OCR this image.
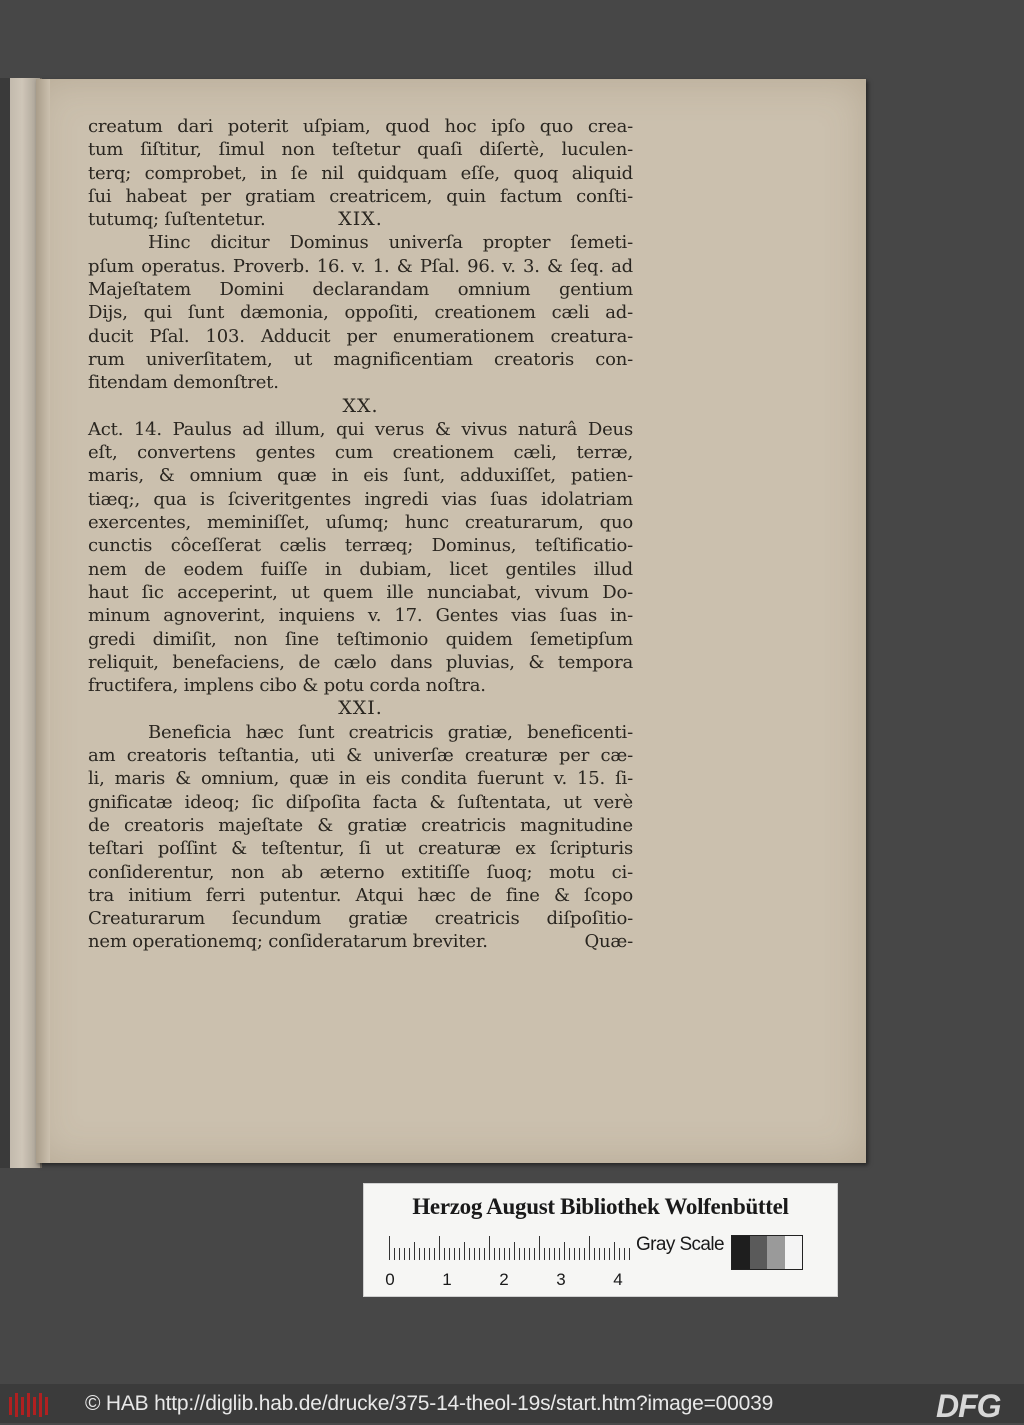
creatum dari poterit uſpiam, quod hoc ipſo quo crea-
tum ſiſtitur, ſimul non teſtetur quaſi diſertè, luculen-
terq; comprobet, in ſe nil quidquam eſſe, quoq aliquid
ſui habeat per gratiam creatricem, quin factum conſti-
tutumq; ſuſtentetur.	XIX.
Hinc dicitur Dominus univerſa propter ſemeti-
pſum operatus. Proverb. 16. v. 1. & Pſal. 96. v. 3. & ſeq. ad
Majeſtatem Domini declarandam omnium gentium
Dijs, qui ſunt dæmonia, oppoſiti, creationem cæli ad-
ducit Pſal. 103. Adducit per enumerationem creatura-
rum univerſitatem, ut magnificentiam creatoris con-
fitendam demonſtret.
XX.
Act. 14. Paulus ad illum, qui verus & vivus naturâ Deus
eſt, convertens gentes cum creationem cæli, terræ,
maris, & omnium quæ in eis ſunt, adduxiſſet, patien-
tiæq;, qua is ſciveritgentes ingredi vias ſuas idolatriam
exercentes, meminiſſet, uſumq; hunc creaturarum, quo
cunctis côceſſerat cælis terræq; Dominus, teſtificatio-
nem de eodem fuiſſe in dubiam, licet gentiles illud
haut ſic acceperint, ut quem ille nunciabat, vivum Do-
minum agnoverint, inquiens v. 17. Gentes vias ſuas in-
gredi dimiſit, non ſine teſtimonio quidem ſemetipſum
reliquit, benefaciens, de cælo dans pluvias, & tempora
fructifera, implens cibo & potu corda noſtra.
XXI.
Beneficia hæc ſunt creatricis gratiæ, beneficenti-
am creatoris teſtantia, uti & univerſæ creaturæ per cæ-
li, maris & omnium, quæ in eis condita fuerunt v. 15. ſi-
gnificatæ ideoq; ſic diſpoſita facta & ſuſtentata, ut verè
de creatoris majeſtate & gratiæ creatricis magnitudine
teſtari poſſint & teſtentur, ſi ut creaturæ ex ſcripturis
conſiderentur, non ab æterno extitiſſe ſuoq; motu ci-
tra initium ferri putentur. Atqui hæc de fine & ſcopo
Creaturarum ſecundum gratiæ creatricis diſpoſitio-
nem operationemq; conſideratarum breviter.	Quæ-
Herzog August Bibliothek Wolfenbüttel
0	1	2	3	4
Gray Scale
© HAB http://diglib.hab.de/drucke/375-14-theol-19s/start.htm?image=00039	DFG
